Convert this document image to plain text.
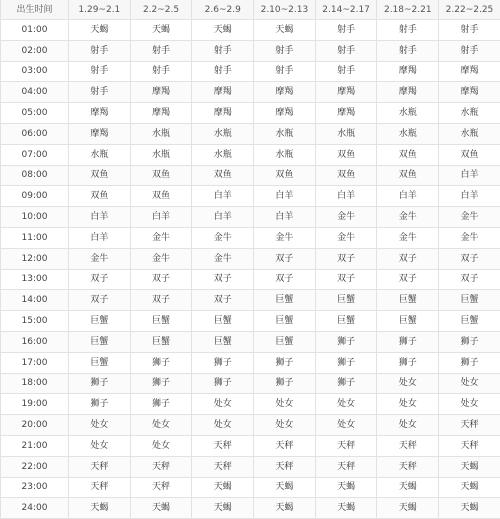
出生时间	1.29~2.1	2.2~2.5	2.6~2.9	2.10~2.13	2.14~2.17	2.18~2.21	2.22~2.25
01:00	天蝎	天蝎	天蝎	天蝎	射手	射手	射手
02:00	射手	射手	射手	射手	射手	射手	射手
03:00	射手	射手	射手	射手	射手	摩羯	摩羯
04:00	射手	摩羯	摩羯	摩羯	摩羯	摩羯	摩羯
05:00	摩羯	摩羯	摩羯	摩羯	摩羯	水瓶	水瓶
06:00	摩羯	水瓶	水瓶	水瓶	水瓶	水瓶	水瓶
07:00	水瓶	水瓶	水瓶	水瓶	双鱼	双鱼	双鱼
08:00	双鱼	双鱼	双鱼	双鱼	双鱼	双鱼	白羊
09:00	双鱼	双鱼	白羊	白羊	白羊	白羊	白羊
10:00	白羊	白羊	白羊	白羊	金牛	金牛	金牛
11:00	白羊	金牛	金牛	金牛	金牛	金牛	金牛
12:00	金牛	金牛	金牛	双子	双子	双子	双子
13:00	双子	双子	双子	双子	双子	双子	双子
14:00	双子	双子	双子	巨蟹	巨蟹	巨蟹	巨蟹
15:00	巨蟹	巨蟹	巨蟹	巨蟹	巨蟹	巨蟹	巨蟹
16:00	巨蟹	巨蟹	巨蟹	巨蟹	狮子	狮子	狮子
17:00	巨蟹	狮子	狮子	狮子	狮子	狮子	狮子
18:00	狮子	狮子	狮子	狮子	狮子	处女	处女
19:00	狮子	狮子	处女	处女	处女	处女	处女
20:00	处女	处女	处女	处女	处女	处女	天秤
21:00	处女	处女	天秤	天秤	天秤	天秤	天秤
22:00	天秤	天秤	天秤	天秤	天秤	天秤	天蝎
23:00	天秤	天秤	天蝎	天蝎	天蝎	天蝎	天蝎
24:00	天蝎	天蝎	天蝎	天蝎	天蝎	天蝎	天蝎
